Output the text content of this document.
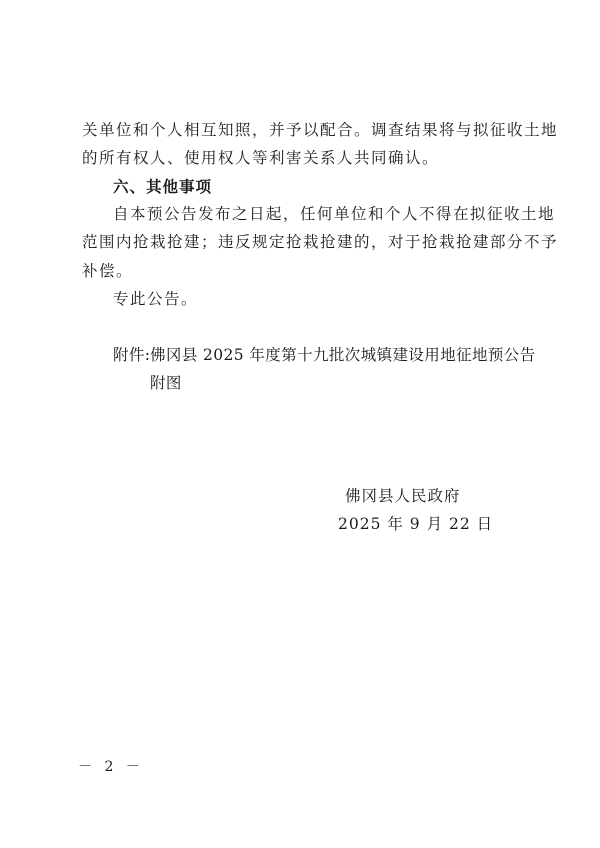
关单位和个人相互知照，并予以配合。调查结果将与拟征收土地
的所有权人、使用权人等利害关系人共同确认。
六、其他事项
自本预公告发布之日起，任何单位和个人不得在拟征收土地
范围内抢栽抢建；违反规定抢栽抢建的，对于抢栽抢建部分不予
补偿。
专此公告。
附件: 佛冈县 2025 年度第十九批次城镇建设用地征地预公告
附图
佛冈县人民政府
2025 年 9 月 22 日
－ 2 －
